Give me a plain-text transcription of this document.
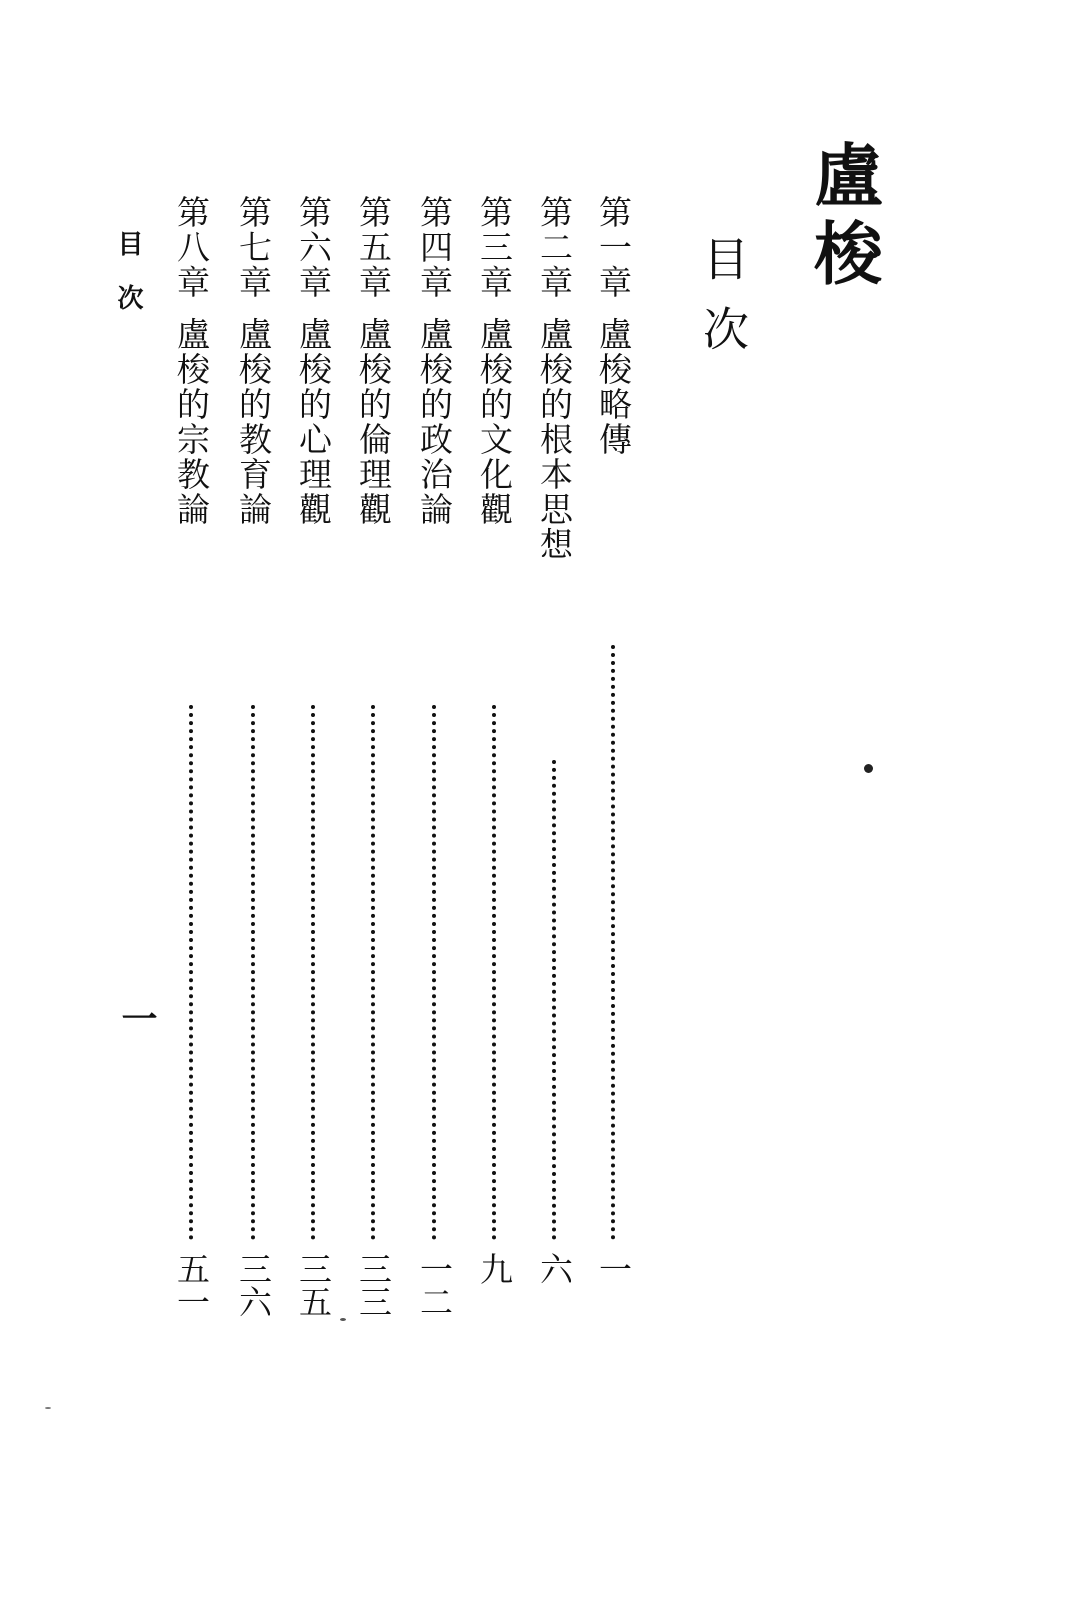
盧梭
目次
第一章
盧梭略傳
一
第二章
盧梭的根本思想
六
第三章
盧梭的文化觀
九
第四章
盧梭的政治論
一二
第五章
盧梭的倫理觀
三三
第六章
盧梭的心理觀
三五
第七章
盧梭的教育論
三六
第八章
盧梭的宗教論
五一
目次
一
